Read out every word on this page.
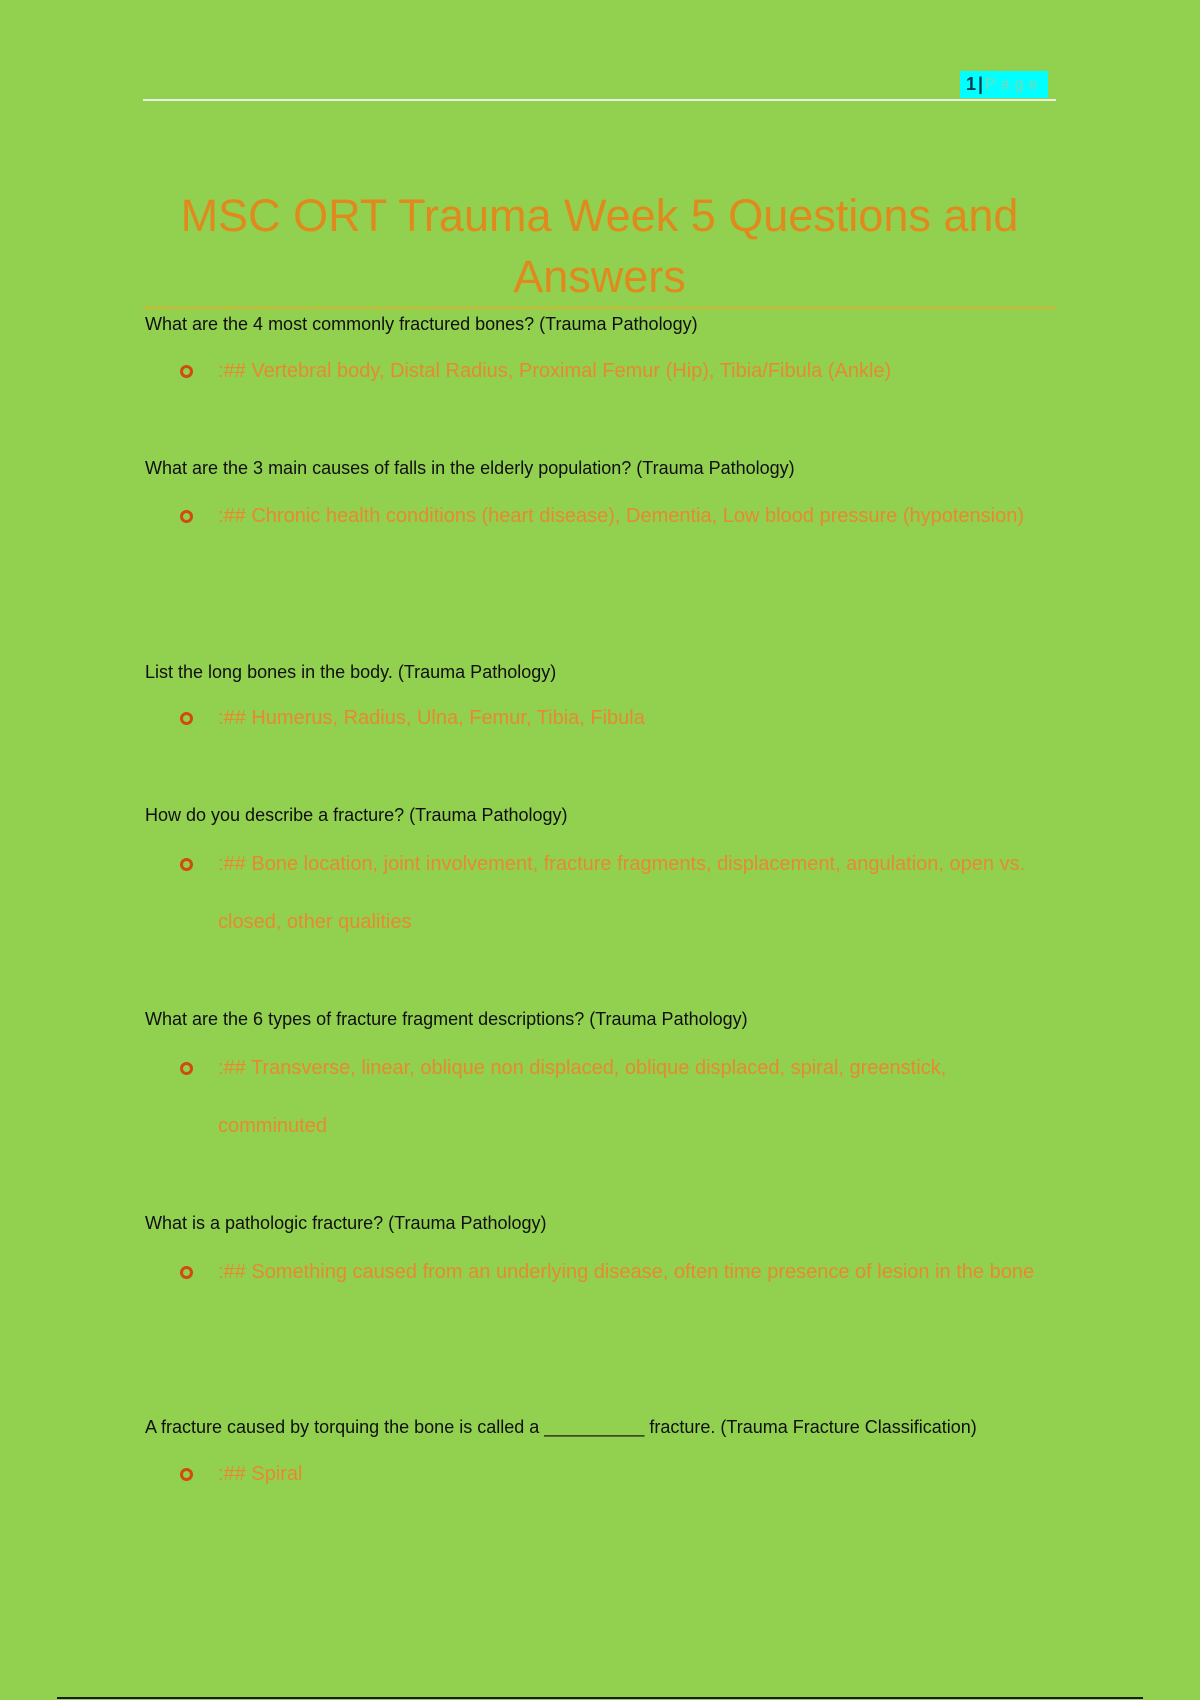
1 | Page
MSC ORT Trauma Week 5 Questions and Answers
What are the 4 most commonly fractured bones? (Trauma Pathology)
:## Vertebral body, Distal Radius, Proximal Femur (Hip), Tibia/Fibula (Ankle)
What are the 3 main causes of falls in the elderly population? (Trauma Pathology)
:## Chronic health conditions (heart disease), Dementia, Low blood pressure (hypotension)
List the long bones in the body. (Trauma Pathology)
:## Humerus, Radius, Ulna, Femur, Tibia, Fibula
How do you describe a fracture? (Trauma Pathology)
:## Bone location, joint involvement, fracture fragments, displacement, angulation, open vs. closed, other qualities
What are the 6 types of fracture fragment descriptions? (Trauma Pathology)
:## Transverse, linear, oblique non displaced, oblique displaced, spiral, greenstick, comminuted
What is a pathologic fracture? (Trauma Pathology)
:## Something caused from an underlying disease, often time presence of lesion in the bone
A fracture caused by torquing the bone is called a __________ fracture. (Trauma Fracture Classification)
:## Spiral
